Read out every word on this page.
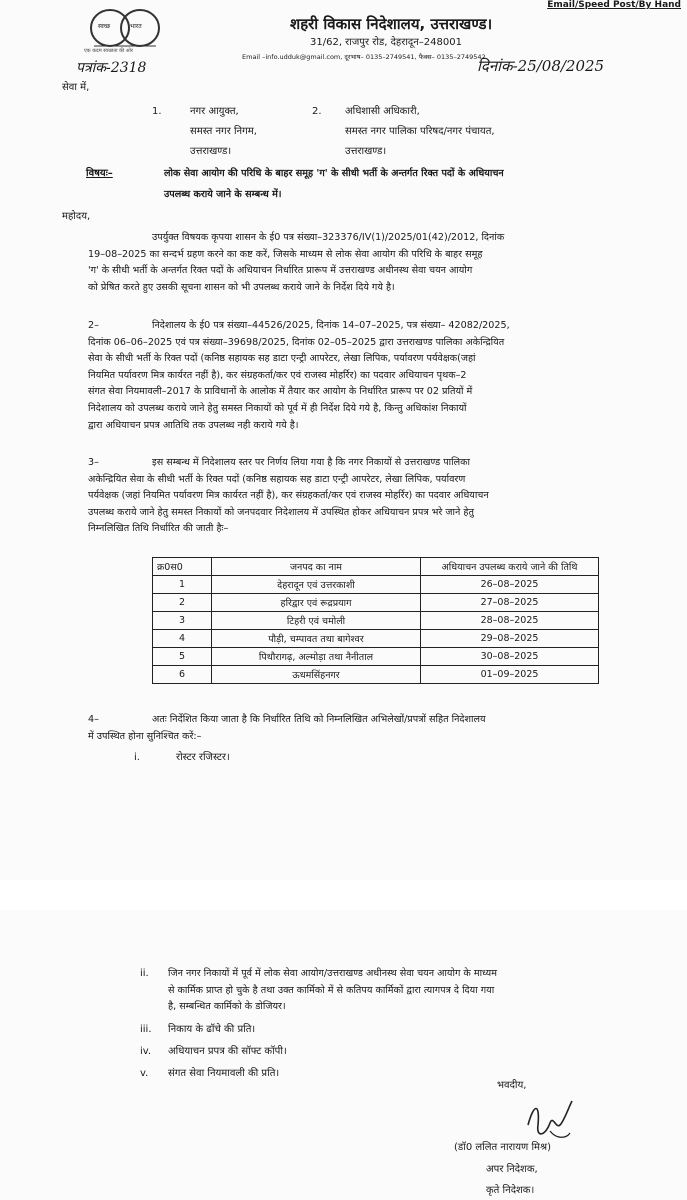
Email/Speed Post/By Hand
स्वच्छ	भारत
एक कदम स्वच्छता की ओर
शहरी विकास निदेशालय, उत्तराखण्ड।
31/62, राजपुर रोड, देहरादून–248001
Email –info.udduk@gmail.com, दूरभाष– 0135–2749541, फैक्स– 0135–2749542
पत्रांक-2318	दिनांक-25/08/2025
सेवा में,
1.	नगर आयुक्त,
समस्त नगर निगम,
उत्तराखण्ड।
2. अधिशासी अधिकारी,
समस्त नगर पालिका परिषद/नगर पंचायत,
उत्तराखण्ड।
विषयः–	लोक सेवा आयोग की परिधि के बाहर समूह 'ग' के सीधी भर्ती के अन्तर्गत रिक्त पदों के अधियाचन
उपलब्ध कराये जाने के सम्बन्ध में।
महोदय,
उपर्युक्त विषयक कृपया शासन के ई0 पत्र संख्या–323376/IV(1)/2025/01(42)/2012, दिनांक
19–08–2025 का सन्दर्भ ग्रहण करने का कष्ट करें, जिसके माध्यम से लोक सेवा आयोग की परिधि के बाहर समूह
'ग' के सीधी भर्ती के अन्तर्गत रिक्त पदों के अधियाचन निर्धारित प्रारूप में उत्तराखण्ड अधीनस्थ सेवा चयन आयोग
को प्रेषित करते हुए उसकी सूचना शासन को भी उपलब्ध कराये जाने के निर्देश दिये गये है।
2–	निदेशालय के ई0 पत्र संख्या–44526/2025, दिनांक 14–07–2025, पत्र संख्या– 42082/2025,
दिनांक 06–06–2025 एवं पत्र संख्या–39698/2025, दिनांक 02–05–2025 द्वारा उत्तराखण्ड पालिका अकेन्द्रियित
सेवा के सीधी भर्ती के रिक्त पदों (कनिष्ठ सहायक सह डाटा एन्ट्री आपरेटर, लेखा लिपिक, पर्यावरण पर्यवेक्षक(जहां
नियमित पर्यावरण मित्र कार्यरत नहीं है), कर संग्रहकर्ता/कर एवं राजस्व मोहर्रिर) का पदवार अधियाचन पृथक–2
संगत सेवा नियमावली–2017 के प्राविधानों के आलोक में तैयार कर आयोग के निर्धारित प्रारूप पर 02 प्रतियों में
निदेशालय को उपलब्ध कराये जाने हेतु समस्त निकायों को पूर्व में ही निर्देश दिये गये है, किन्तु अधिकांश निकायों
द्वारा अधियाचन प्रपत्र आतिथि तक उपलब्ध नही कराये गये है।
3–	इस सम्बन्ध में निदेशालय स्तर पर निर्णय लिया गया है कि नगर निकायों से उत्तराखण्ड पालिका
अकेन्द्रियित सेवा के सीधी भर्ती के रिक्त पदों (कनिष्ठ सहायक सह डाटा एन्ट्री आपरेटर, लेखा लिपिक, पर्यावरण
पर्यवेक्षक (जहां नियमित पर्यावरण मित्र कार्यरत नहीं है), कर संग्रहकर्ता/कर एवं राजस्व मोहर्रिर) का पदवार अधियाचन
उपलब्ध कराये जाने हेतु समस्त निकायों को जनपदवार निदेशालय में उपस्थित होकर अधियाचन प्रपत्र भरे जाने हेतु
निम्नलिखित तिथि निर्धारित की जाती हैः–
क्र0स0	जनपद का नाम	अधियाचन उपलब्ध कराये जाने की तिथि
1	देहरादून एवं उत्तरकाशी	26–08–2025
2	हरिद्वार एवं रूद्रप्रयाग	27–08–2025
3	टिहरी एवं चमोली	28–08–2025
4	पौड़ी, चम्पावत तथा बागेश्वर	29–08–2025
5	पिथौरागढ़, अल्मोड़ा तथा नैनीताल	30–08–2025
6	ऊधमसिंहनगर	01–09–2025
4–	अतः निर्देशित किया जाता है कि निर्धारित तिथि को निम्नलिखित अभिलेखों/प्रपत्रों सहित निदेशालय
में उपस्थित होना सुनिश्चित करें:–
i.	रोस्टर रजिस्टर।
ii. जिन नगर निकायों में पूर्व में लोक सेवा आयोग/उत्तराखण्ड अधीनस्थ सेवा चयन आयोग के माध्यम
से कार्मिक प्राप्त हो चुके है तथा उक्त कार्मिको में से कतिपय कार्मिकों द्वारा त्यागपत्र दे दिया गया
है, सम्बन्धित कार्मिको के डोजियर।
iii. निकाय के ढॉचे की प्रति।
iv. अधियाचन प्रपत्र की सॉफ्ट कॉपी।
v. संगत सेवा नियमावली की प्रति।
भवदीय,
(डॉ0 ललित नारायण मिश्र)
अपर निदेशक,
कृते निदेशक।
